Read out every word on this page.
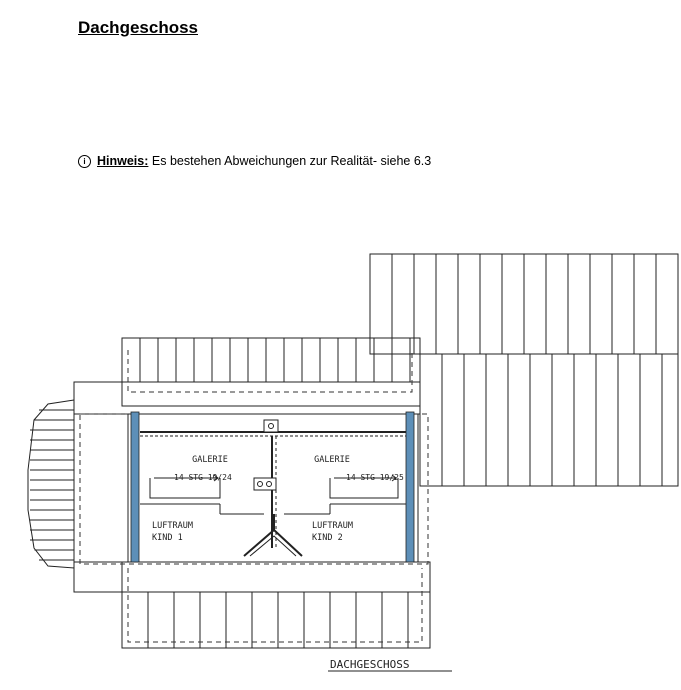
Dachgeschoss
i Hinweis: Es bestehen Abweichungen zur Realität- siehe 6.3
GALERIE
14 STG 19/24
LUFTRAUM
KIND 1
GALERIE
14 STG 19/25
LUFTRAUM
KIND 2
DACHGESCHOSS
